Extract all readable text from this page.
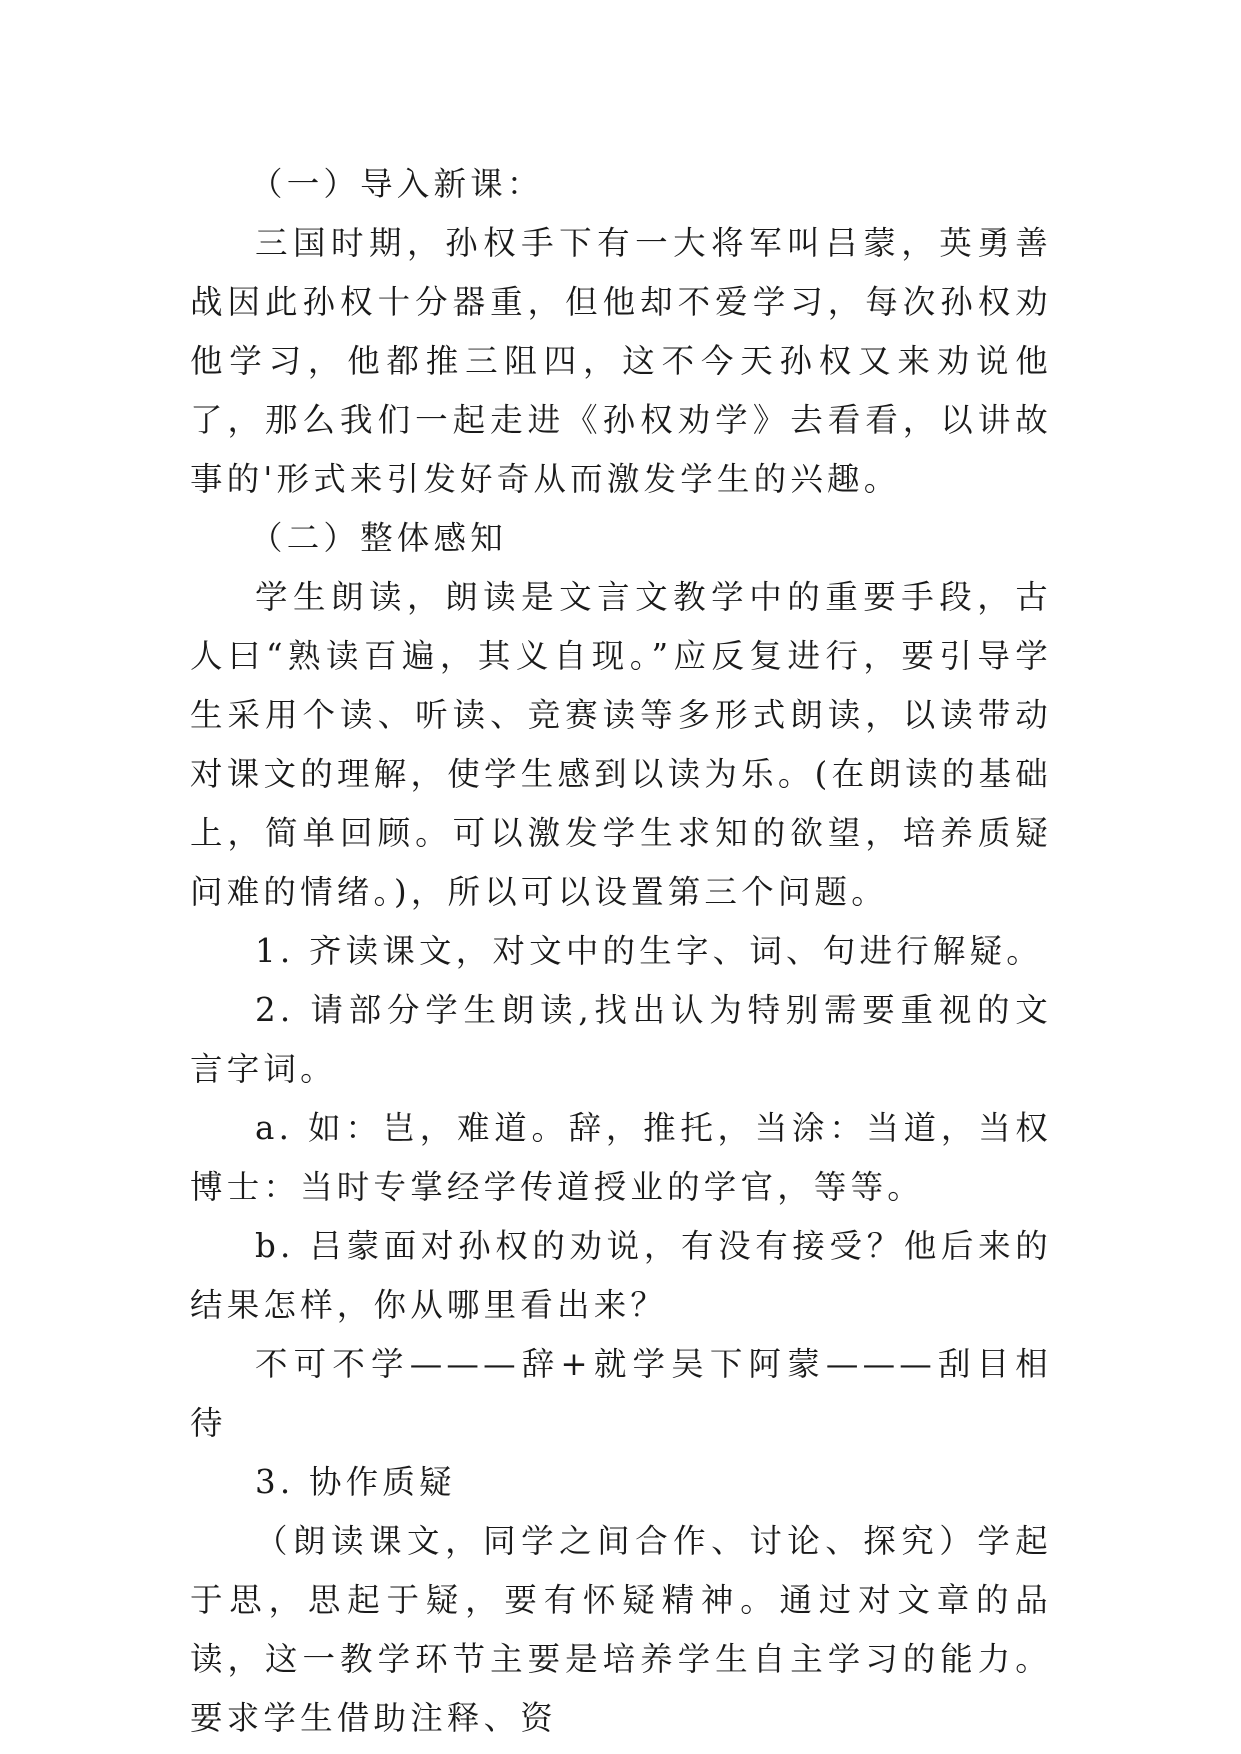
（一）导入新课：

三国时期，孙权手下有一大将军叫吕蒙，英勇善战因此孙权十分器重，但他却不爱学习，每次孙权劝他学习，他都推三阻四，这不今天孙权又来劝说他了，那么我们一起走进《孙权劝学》去看看，以讲故事的'形式来引发好奇从而激发学生的兴趣。

（二）整体感知

学生朗读，朗读是文言文教学中的重要手段，古人曰“熟读百遍，其义自现。”应反复进行，要引导学生采用个读、听读、竞赛读等多形式朗读，以读带动对课文的理解，使学生感到以读为乐。(在朗读的基础上，简单回顾。可以激发学生求知的欲望，培养质疑问难的情绪。)，所以可以设置第三个问题。

1. 齐读课文，对文中的生字、词、句进行解疑。

2. 请部分学生朗读,找出认为特别需要重视的文言字词。

a. 如：岂，难道。辞，推托，当涂：当道，当权博士：当时专掌经学传道授业的学官，等等。

b. 吕蒙面对孙权的劝说，有没有接受？他后来的结果怎样，你从哪里看出来？

不可不学———辞+就学吴下阿蒙———刮目相待

3. 协作质疑

（朗读课文，同学之间合作、讨论、探究）学起于思，思起于疑，要有怀疑精神。通过对文章的品读，这一教学环节主要是培养学生自主学习的能力。要求学生借助注释、资
